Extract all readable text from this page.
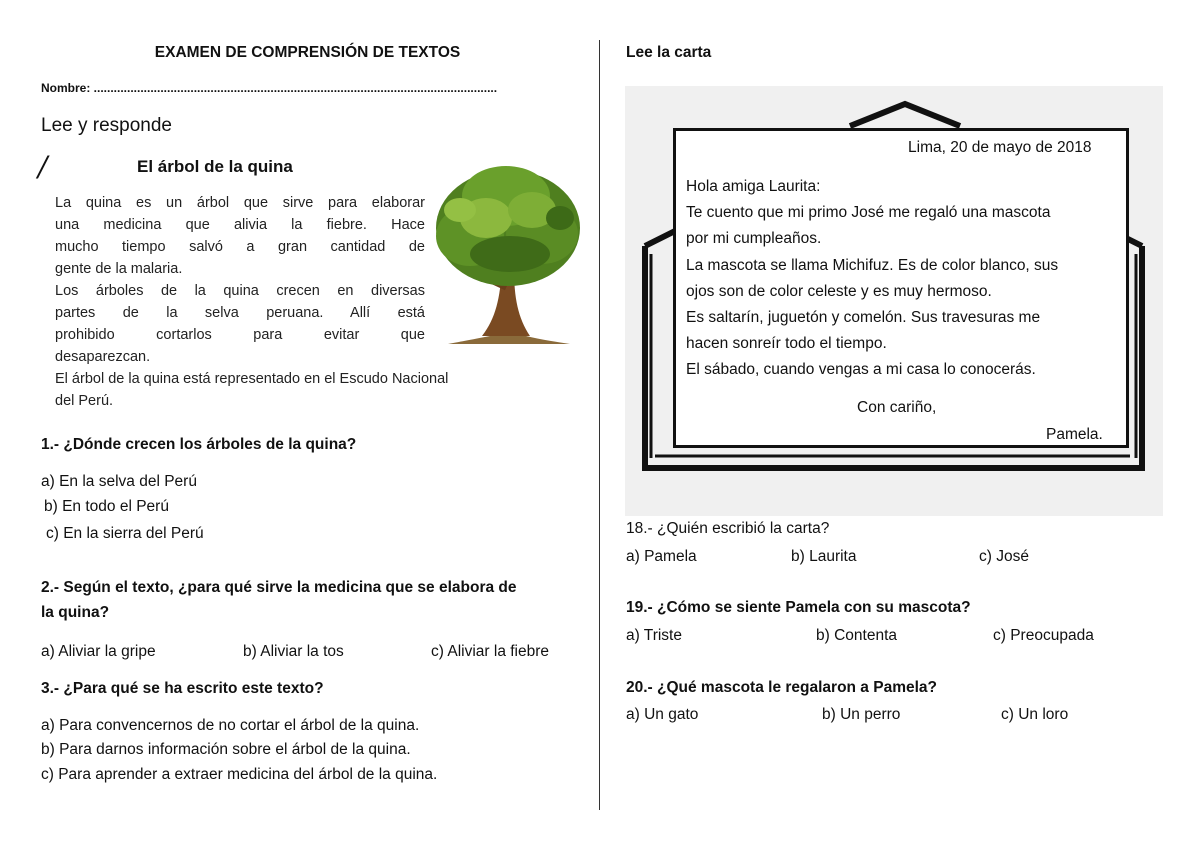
EXAMEN DE COMPRENSIÓN DE TEXTOS
Nombre: .........................................................................................................................
Lee y responde
/	El árbol de la quina
La quina es un árbol que sirve para elaborar
una medicina que alivia la fiebre. Hace
mucho tiempo salvó a gran cantidad de
gente de la malaria.
Los árboles de la quina crecen en diversas
partes de la selva peruana. Allí está
prohibido cortarlos para evitar que
desaparezcan.
El árbol de la quina está representado en el Escudo Nacional
del Perú.
1.- ¿Dónde crecen los árboles de la quina?
a) En la selva del Perú
b) En todo el Perú
c) En la sierra del Perú
2.- Según el texto, ¿para qué sirve la medicina que se elabora de
la quina?
a) Aliviar la gripe	b) Aliviar la tos	c) Aliviar la fiebre
3.- ¿Para qué se ha escrito este texto?
a) Para convencernos de no cortar el árbol de la quina.
b) Para darnos información sobre el árbol de la quina.
c) Para aprender a extraer medicina del árbol de la quina.
Lee la carta
Lima, 20 de mayo de 2018
Hola amiga Laurita:
Te cuento que mi primo José me regaló una mascota
por mi cumpleaños.
La mascota se llama Michifuz. Es de color blanco, sus
ojos son de color celeste y es muy hermoso.
Es saltarín, juguetón y comelón. Sus travesuras me
hacen sonreír todo el tiempo.
El sábado, cuando vengas a mi casa lo conocerás.
Con cariño,
Pamela.
18.- ¿Quién escribió la carta?
a) Pamela	b) Laurita	c) José
19.- ¿Cómo se siente Pamela con su mascota?
a) Triste	b) Contenta	c) Preocupada
20.- ¿Qué mascota le regalaron a Pamela?
a) Un gato	b) Un perro	c) Un loro
